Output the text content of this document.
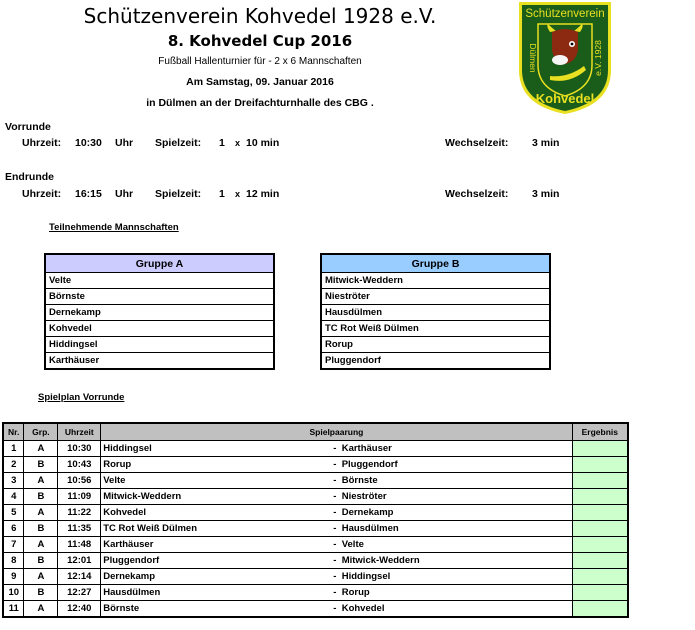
Schützenverein Kohvedel 1928 e.V.
8. Kohvedel Cup 2016
Fußball Hallenturnier für - 2 x 6 Mannschaften
Am Samstag, 09. Januar 2016
in Dülmen an der Dreifachturnhalle des CBG .
Schützenverein
Dülmen	e.V. 1928
Kohvedel
Vorrunde
Uhrzeit: 10:30 Uhr Spielzeit: 1 x 10 min	Wechselzeit: 3 min
Endrunde
Uhrzeit: 16:15 Uhr Spielzeit: 1 x 12 min	Wechselzeit: 3 min
Teilnehmende Mannschaften
Gruppe A
Velte
Börnste
Dernekamp
Kohvedel
Hiddingsel
Karthäuser
Gruppe B
Mitwick-Weddern
Nieströter
Hausdülmen
TC Rot Weiß Dülmen
Rorup
Pluggendorf
Spielplan Vorrunde
Nr.	Grp.	Uhrzeit	Spielpaarung	Ergebnis
1	A	10:30	Hiddingsel - Karthäuser	
2	B	10:43	Rorup - Pluggendorf	
3	A	10:56	Velte - Börnste	
4	B	11:09	Mitwick-Weddern - Nieströter	
5	A	11:22	Kohvedel - Dernekamp	
6	B	11:35	TC Rot Weiß Dülmen - Hausdülmen	
7	A	11:48	Karthäuser - Velte	
8	B	12:01	Pluggendorf - Mitwick-Weddern	
9	A	12:14	Dernekamp - Hiddingsel	
10	B	12:27	Hausdülmen - Rorup	
11	A	12:40	Börnste - Kohvedel	
